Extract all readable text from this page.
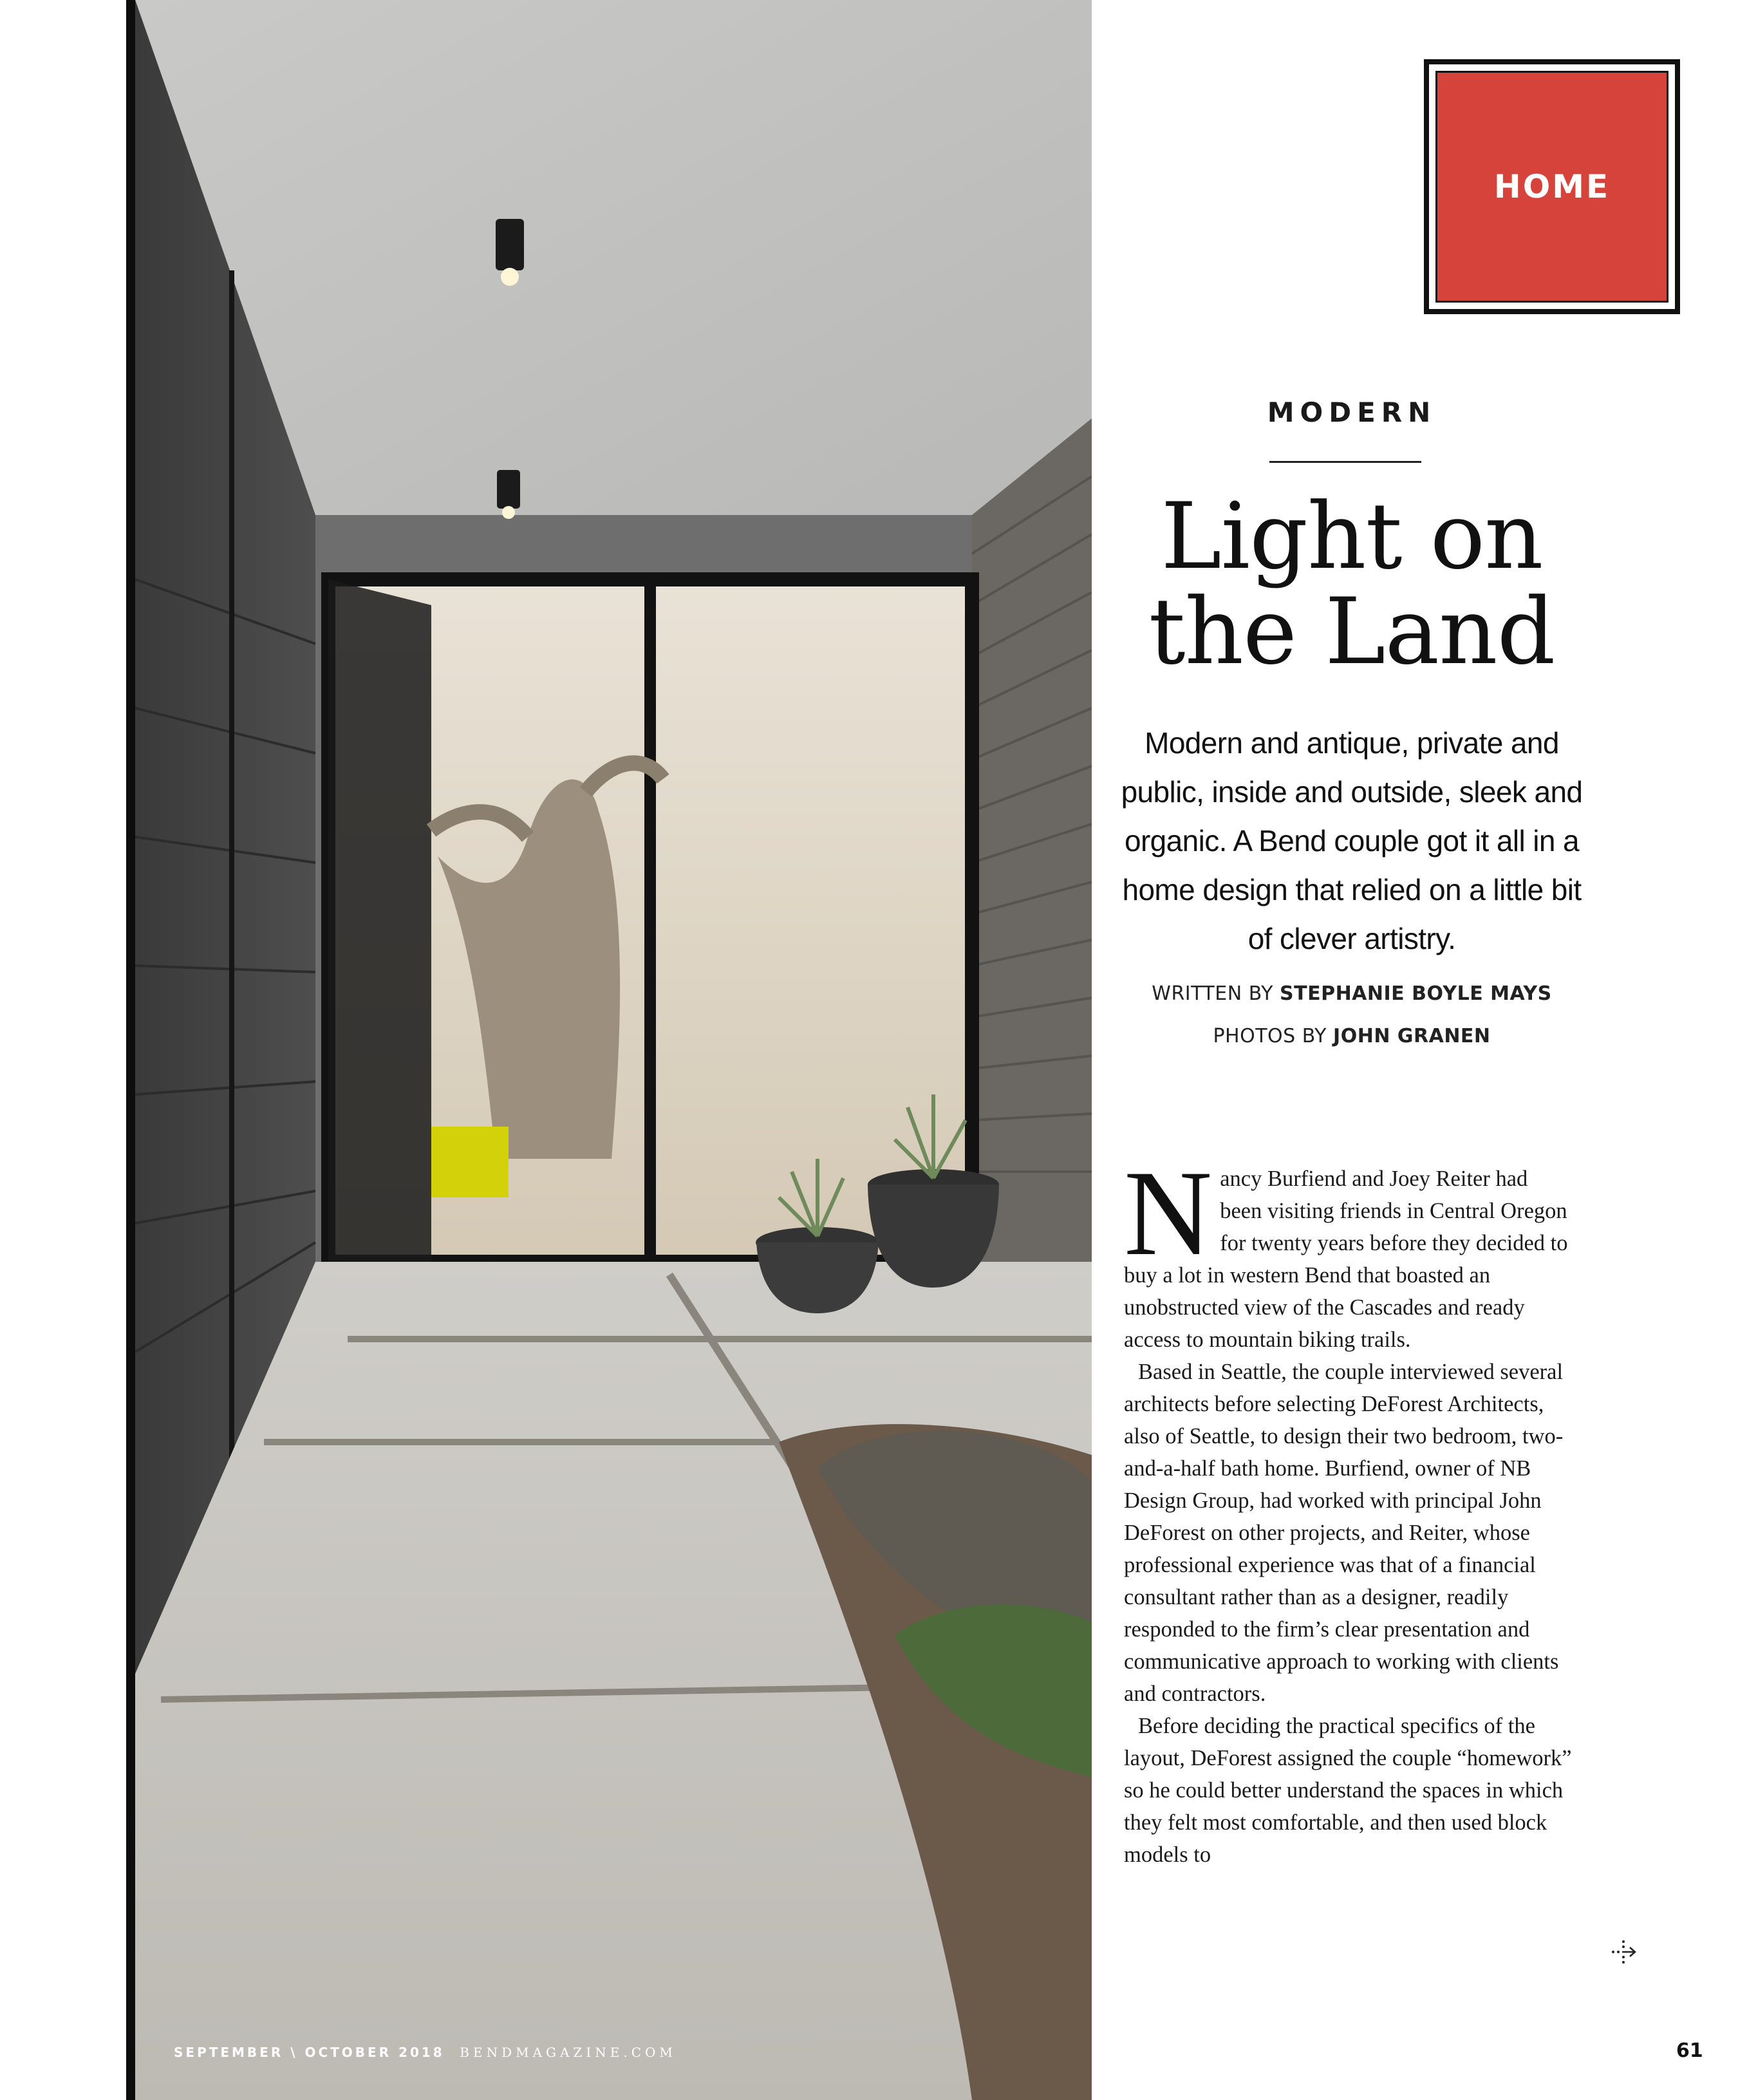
HOME
MODERN
Light on
the Land
Modern and antique, private and public, inside and outside, sleek and organic. A Bend couple got it all in a home design that relied on a little bit of clever artistry.
WRITTEN BY STEPHANIE BOYLE MAYS
PHOTOS BY JOHN GRANEN

Nancy Burfiend and Joey Reiter had been visiting friends in Central Oregon for twenty years before they decided to buy a lot in western Bend that boasted an unobstructed view of the Cascades and ready access to mountain biking trails.

Based in Seattle, the couple interviewed several architects before selecting DeForest Architects, also of Seattle, to design their two bedroom, two-and-a-half bath home. Burfiend, owner of NB Design Group, had worked with principal John DeForest on other projects, and Reiter, whose professional experience was that of a financial consultant rather than as a designer, readily responded to the firm’s clear presentation and communicative approach to working with clients and contractors.

Before deciding the practical specifics of the layout, DeForest assigned the couple “homework” so he could better understand the spaces in which they felt most comfortable, and then used block models to

SEPTEMBER \ OCTOBER 2018 BENDMAGAZINE.COM	61
